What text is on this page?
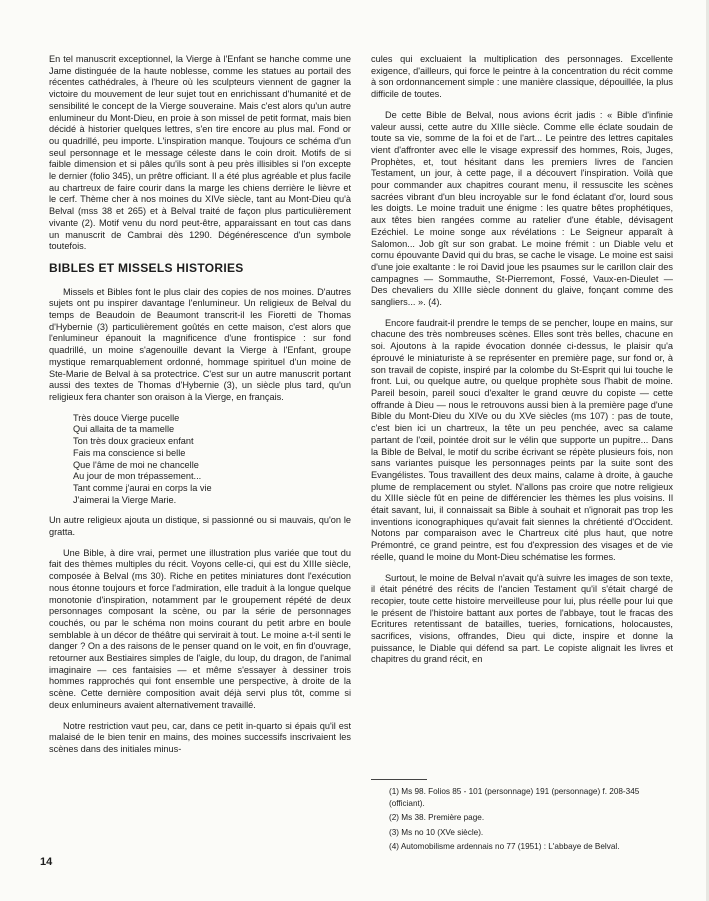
En tel manuscrit exceptionnel, la Vierge à l'Enfant se hanche comme une Jame distinguée de la haute noblesse, comme les statues au portail des récentes cathédrales, à l'heure où les sculpteurs viennent de gagner la victoire du mouvement de leur sujet tout en enrichissant d'humanité et de sensibilité le concept de la Vierge souveraine. Mais c'est alors qu'un autre enlumineur du Mont-Dieu, en proie à son missel de petit format, mais bien décidé à historier quelques lettres, s'en tire encore au plus mal. Fond or ou quadrillé, peu importe. L'inspiration manque. Toujours ce schéma d'un seul personnage et le message céleste dans le coin droit. Motifs de si faible dimension et si pâles qu'ils sont à peu près illisibles si l'on excepte le dernier (folio 345), un prêtre officiant. Il a été plus agréable et plus facile au chartreux de faire courir dans la marge les chiens derrière le lièvre et le cerf. Thème cher à nos moines du XIVe siècle, tant au Mont-Dieu qu'à Belval (mss 38 et 265) et à Belval traité de façon plus particulièrement vivante (2). Motif venu du nord peut-être, apparaissant en tout cas dans un manuscrit de Cambrai dès 1290. Dégénérescence d'un symbole toutefois.

BIBLES ET MISSELS HISTORIES

Missels et Bibles font le plus clair des copies de nos moines. D'autres sujets ont pu inspirer davantage l'enlumineur. Un religieux de Belval du temps de Beaudoin de Beaumont transcrit-il les Fioretti de Thomas d'Hybernie (3) particulièrement goûtés en cette maison, c'est alors que l'enlumineur épanouit la magnificence d'une frontispice : sur fond quadrillé, un moine s'agenouille devant la Vierge à l'Enfant, groupe mystique remarquablement ordonné, hommage spirituel d'un moine de Ste-Marie de Belval à sa protectrice. C'est sur un autre manuscrit portant aussi des textes de Thomas d'Hybernie (3), un siècle plus tard, qu'un religieux fera chanter son oraison à la Vierge, en français.

Très douce Vierge pucelle
Qui allaita de ta mamelle
Ton très doux gracieux enfant
Fais ma conscience si belle
Que l'âme de moi ne chancelle
Au jour de mon trépassement...
Tant comme j'aurai en corps la vie
J'aimerai la Vierge Marie.

Un autre religieux ajouta un distique, si passionné ou si mauvais, qu'on le gratta.

Une Bible, à dire vrai, permet une illustration plus variée que tout du fait des thèmes multiples du récit. Voyons celle-ci, qui est du XIIIe siècle, composée à Belval (ms 30). Riche en petites miniatures dont l'exécution nous étonne toujours et force l'admiration, elle traduit à la longue quelque monotonie d'inspiration, notamment par le groupement répété de deux personnages composant la scène, ou par la série de personnages couchés, ou par le schéma non moins courant du petit arbre en boule semblable à un décor de théâtre qui servirait à tout. Le moine a-t-il senti le danger ? On a des raisons de le penser quand on le voit, en fin d'ouvrage, retourner aux Bestiaires simples de l'aigle, du loup, du dragon, de l'animal imaginaire — ces fantaisies — et même s'essayer à dessiner trois hommes rapprochés qui font ensemble une perspective, à droite de la scène. Cette dernière composition avait déjà servi plus tôt, comme si deux enlumineurs avaient alternativement travaillé.

Notre restriction vaut peu, car, dans ce petit in-quarto si épais qu'il est malaisé de le bien tenir en mains, des moines successifs inscrivaient les scènes dans des initiales minus-

cules qui excluaient la multiplication des personnages. Excellente exigence, d'ailleurs, qui force le peintre à la concentration du récit comme à son ordonnancement simple : une manière classique, dépouillée, la plus difficile de toutes.

De cette Bible de Belval, nous avions écrit jadis : « Bible d'infinie valeur aussi, cette autre du XIIIe siècle. Comme elle éclate soudain de toute sa vie, somme de la foi et de l'art... Le peintre des lettres capitales vient d'affronter avec elle le visage expressif des hommes, Rois, Juges, Prophètes, et, tout hésitant dans les premiers livres de l'ancien Testament, un jour, à cette page, il a découvert l'inspiration. Voilà que pour commander aux chapitres courant menu, il ressuscite les scènes sacrées vibrant d'un bleu incroyable sur le fond éclatant d'or, lourd sous les doigts. Le moine traduit une énigme : les quatre bêtes prophétiques, aux têtes bien rangées comme au ratelier d'une étable, dévisagent Ezéchiel. Le moine songe aux révélations : Le Seigneur apparaît à Salomon... Job gît sur son grabat. Le moine frémit : un Diable velu et cornu épouvante David qui du bras, se cache le visage. Le moine est saisi d'une joie exaltante : le roi David joue les psaumes sur le carillon clair des campagnes — Sommauthe, St-Pierremont, Fossé, Vaux-en-Dieulet — Des chevaliers du XIIIe siècle donnent du glaive, fonçant comme des sangliers... ». (4).

Encore faudrait-il prendre le temps de se pencher, loupe en mains, sur chacune des très nombreuses scènes. Elles sont très belles, chacune en soi. Ajoutons à la rapide évocation donnée ci-dessus, le plaisir qu'a éprouvé le miniaturiste à se représenter en première page, sur fond or, à son travail de copiste, inspiré par la colombe du St-Esprit qui lui touche le front. Lui, ou quelque autre, ou quelque prophète sous l'habit de moine. Pareil besoin, pareil souci d'exalter le grand œuvre du copiste — cette offrande à Dieu — nous le retrouvons aussi bien à la première page d'une Bible du Mont-Dieu du XIVe ou du XVe siècles (ms 107) : pas de toute, c'est bien ici un chartreux, la tête un peu penchée, avec sa calame partant de l'œil, pointée droit sur le vélin que supporte un pupitre... Dans la Bible de Belval, le motif du scribe écrivant se répète plusieurs fois, non sans variantes puisque les personnages peints par la suite sont des Evangélistes. Tous travaillent des deux mains, calame à droite, à gauche plume de remplacement ou stylet. N'allons pas croire que notre religieux du XIIIe siècle fût en peine de différencier les thèmes les plus voisins. Il était savant, lui, il connaissait sa Bible à souhait et n'ignorait pas trop les inventions iconographiques qu'avait fait siennes la chrétienté d'Occident. Notons par comparaison avec le Chartreux cité plus haut, que notre Prémontré, ce grand peintre, est fou d'expression des visages et de vie réelle, quand le moine du Mont-Dieu schématise les formes.

Surtout, le moine de Belval n'avait qu'à suivre les images de son texte, il était pénétré des récits de l'ancien Testament qu'il s'était chargé de recopier, toute cette histoire merveilleuse pour lui, plus réelle pour lui que le présent de l'histoire battant aux portes de l'abbaye, tout le fracas des Ecritures retentissant de batailles, tueries, fornications, holocaustes, sacrifices, visions, offrandes, Dieu qui dicte, inspire et donne la puissance, le Diable qui défend sa part. Le copiste alignait les livres et chapitres du grand récit, en

(1) Ms 98. Folios 85 - 101 (personnage) 191 (personnage) f. 208-345 (officiant).
(2) Ms 38. Première page.
(3) Ms no 10 (XVe siècle).
(4) Automobilisme ardennais no 77 (1951) : L'abbaye de Belval.
14
